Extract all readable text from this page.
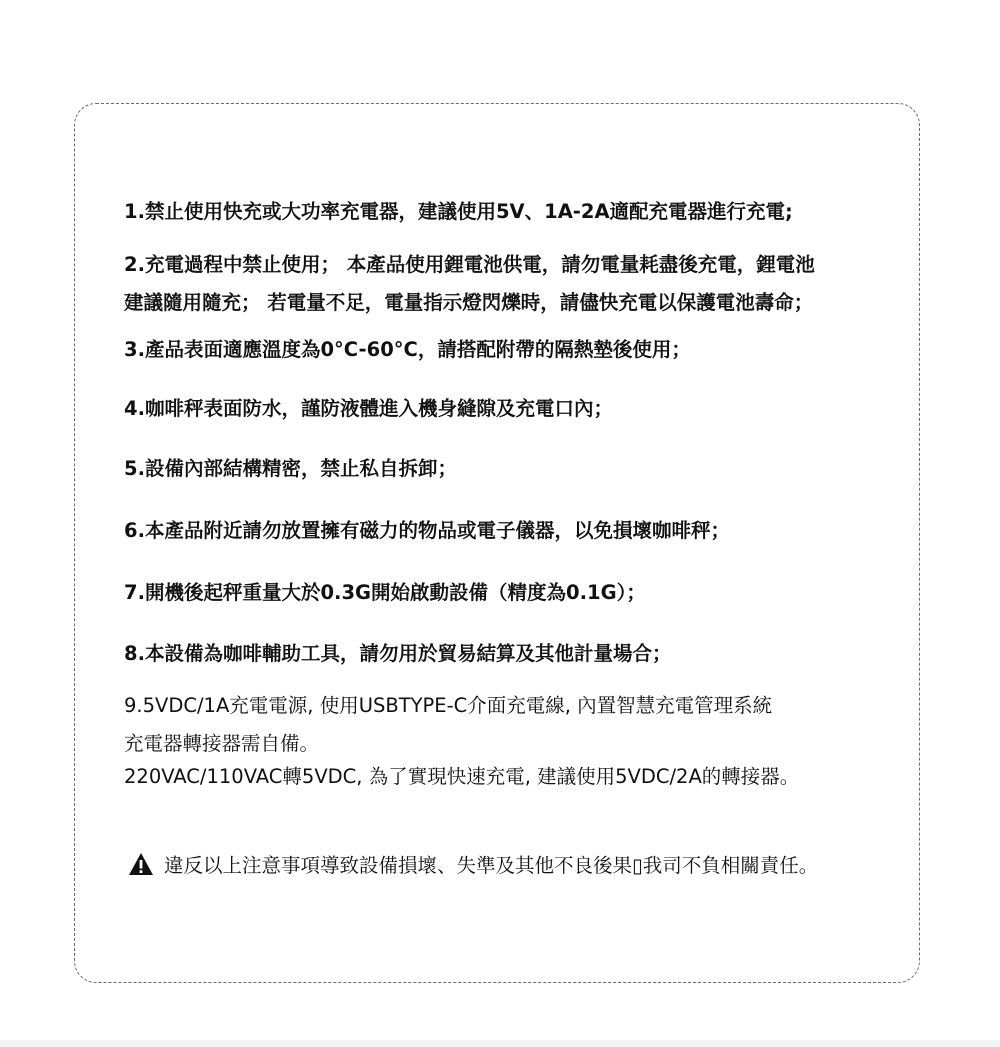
1.禁止使用快充或大功率充電器，建議使用5V、1A-2A適配充電器進行充電;
2.充電過程中禁止使用； 本產品使用鋰電池供電，請勿電量耗盡後充電，鋰電池
建議隨用隨充； 若電量不足，電量指示燈閃爍時，請儘快充電以保護電池壽命；
3.產品表面適應溫度為0°C-60°C，請搭配附帶的隔熱墊後使用；
4.咖啡秤表面防水，謹防液體進入機身縫隙及充電口內；
5.設備內部結構精密，禁止私自拆卸；
6.本產品附近請勿放置擁有磁力的物品或電子儀器，以免損壞咖啡秤；
7.開機後起秤重量大於0.3G開始啟動設備（精度為0.1G）；
8.本設備為咖啡輔助工具，請勿用於貿易結算及其他計量場合；
9.5VDC/1A充電電源, 使用USBTYPE-C介面充電線, 內置智慧充電管理系統
充電器轉接器需自備。
220VAC/110VAC轉5VDC, 為了實現快速充電, 建議使用5VDC/2A的轉接器。
違反以上注意事項導致設備損壞、失準及其他不良後果▯我司不負相關責任。
